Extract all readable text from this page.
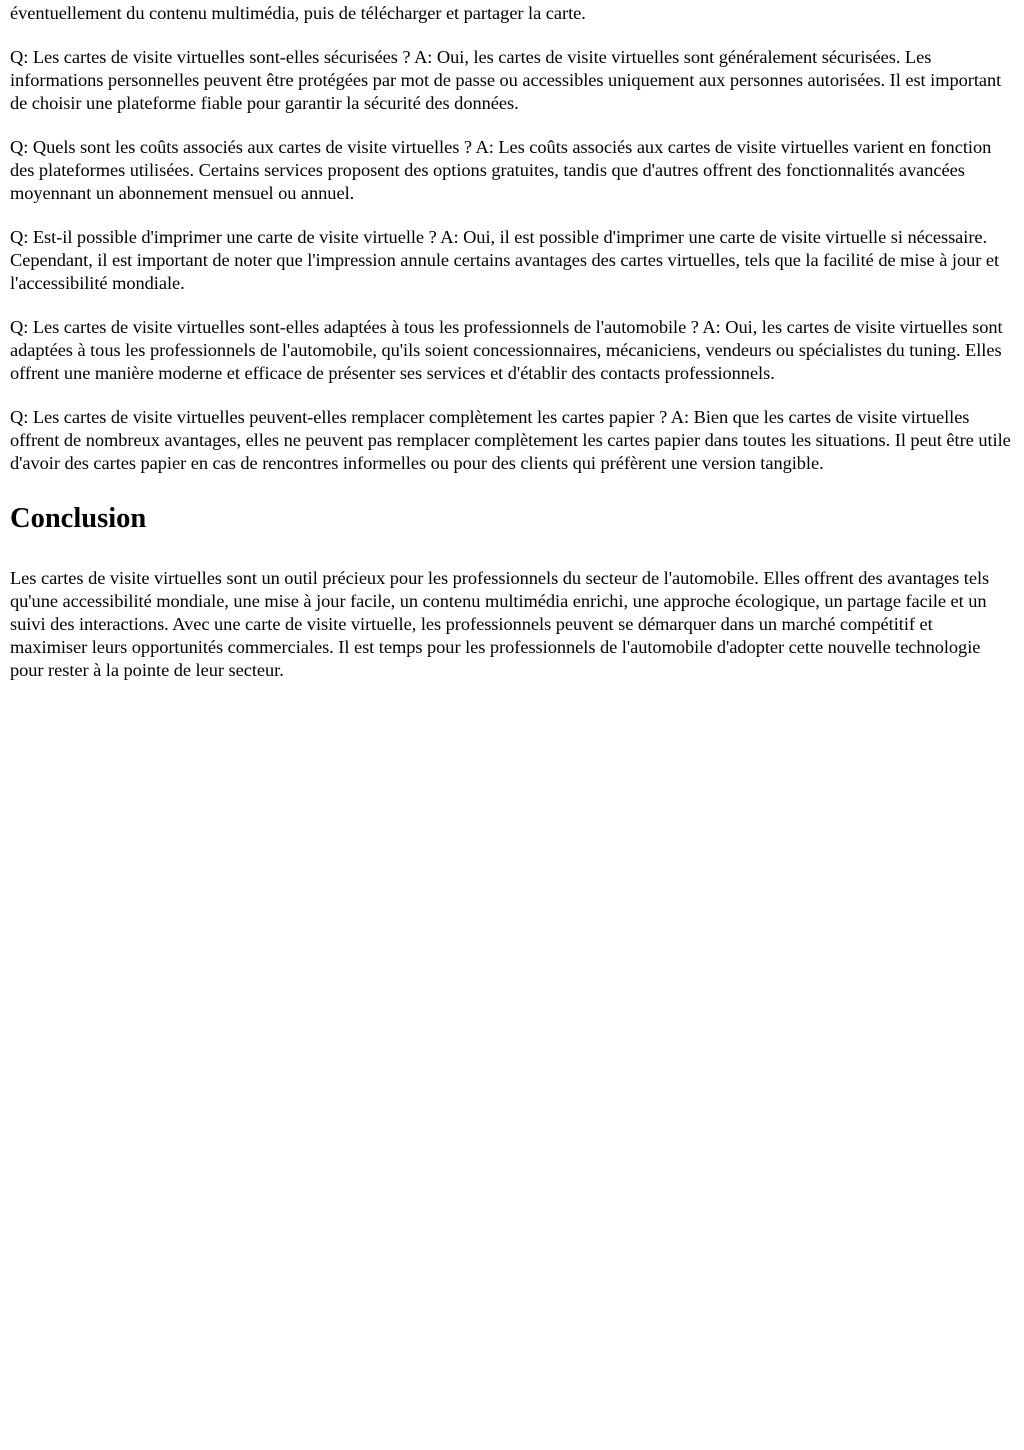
éventuellement du contenu multimédia, puis de télécharger et partager la carte.

Q: Les cartes de visite virtuelles sont-elles sécurisées ? A: Oui, les cartes de visite virtuelles sont généralement sécurisées. Les informations personnelles peuvent être protégées par mot de passe ou accessibles uniquement aux personnes autorisées. Il est important de choisir une plateforme fiable pour garantir la sécurité des données.

Q: Quels sont les coûts associés aux cartes de visite virtuelles ? A: Les coûts associés aux cartes de visite virtuelles varient en fonction des plateformes utilisées. Certains services proposent des options gratuites, tandis que d'autres offrent des fonctionnalités avancées moyennant un abonnement mensuel ou annuel.

Q: Est-il possible d'imprimer une carte de visite virtuelle ? A: Oui, il est possible d'imprimer une carte de visite virtuelle si nécessaire. Cependant, il est important de noter que l'impression annule certains avantages des cartes virtuelles, tels que la facilité de mise à jour et l'accessibilité mondiale.

Q: Les cartes de visite virtuelles sont-elles adaptées à tous les professionnels de l'automobile ? A: Oui, les cartes de visite virtuelles sont adaptées à tous les professionnels de l'automobile, qu'ils soient concessionnaires, mécaniciens, vendeurs ou spécialistes du tuning. Elles offrent une manière moderne et efficace de présenter ses services et d'établir des contacts professionnels.

Q: Les cartes de visite virtuelles peuvent-elles remplacer complètement les cartes papier ? A: Bien que les cartes de visite virtuelles offrent de nombreux avantages, elles ne peuvent pas remplacer complètement les cartes papier dans toutes les situations. Il peut être utile d'avoir des cartes papier en cas de rencontres informelles ou pour des clients qui préfèrent une version tangible.

Conclusion

Les cartes de visite virtuelles sont un outil précieux pour les professionnels du secteur de l'automobile. Elles offrent des avantages tels qu'une accessibilité mondiale, une mise à jour facile, un contenu multimédia enrichi, une approche écologique, un partage facile et un suivi des interactions. Avec une carte de visite virtuelle, les professionnels peuvent se démarquer dans un marché compétitif et maximiser leurs opportunités commerciales. Il est temps pour les professionnels de l'automobile d'adopter cette nouvelle technologie pour rester à la pointe de leur secteur.
